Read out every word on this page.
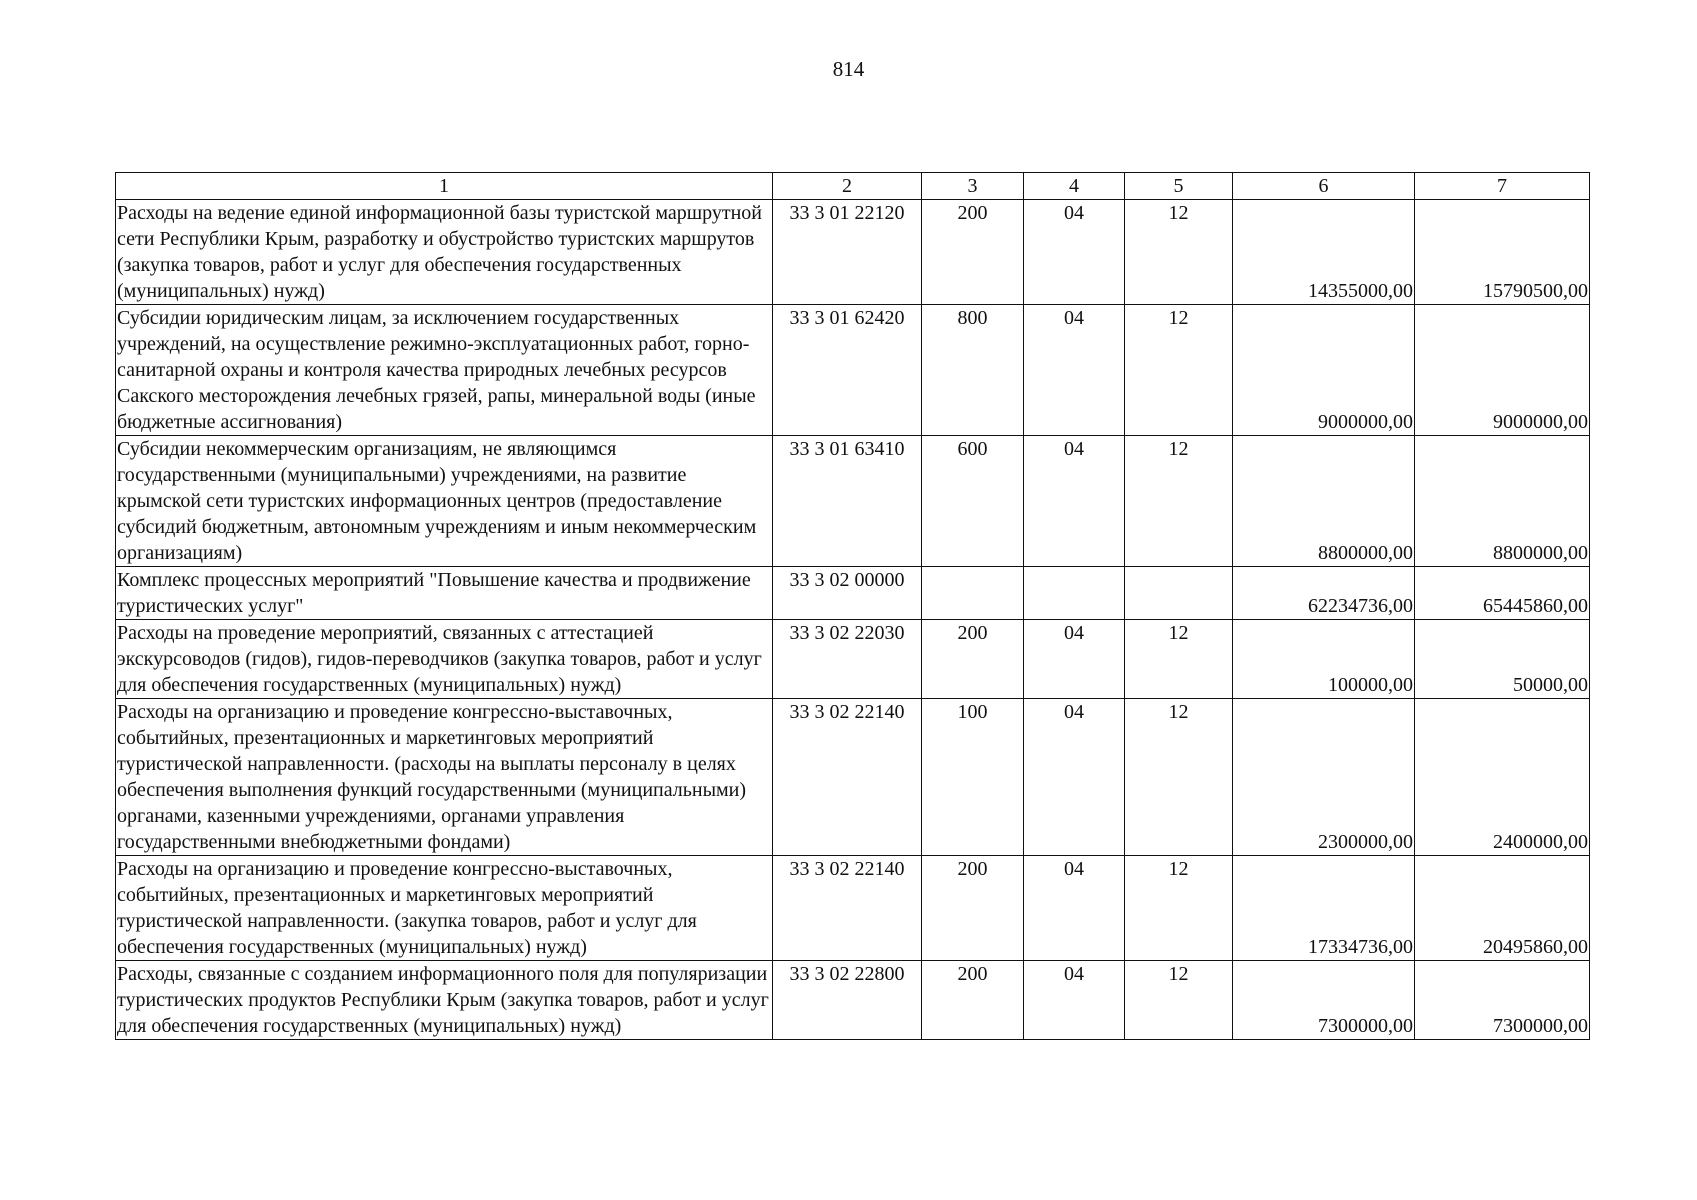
814
1	2	3	4	5	6	7
Расходы на ведение единой информационной базы туристской маршрутной сети Республики Крым, разработку и обустройство туристских маршрутов (закупка товаров, работ и услуг для обеспечения государственных (муниципальных) нужд)	33 3 01 22120	200	04	12	14355000,00	15790500,00
Субсидии юридическим лицам, за исключением государственных учреждений, на осуществление режимно-эксплуатационных работ, горно-санитарной охраны и контроля качества природных лечебных ресурсов Сакского месторождения лечебных грязей, рапы, минеральной воды (иные бюджетные ассигнования)	33 3 01 62420	800	04	12	9000000,00	9000000,00
Субсидии некоммерческим организациям, не являющимся государственными (муниципальными) учреждениями, на развитие крымской сети туристских информационных центров (предоставление субсидий бюджетным, автономным учреждениям и иным некоммерческим организациям)	33 3 01 63410	600	04	12	8800000,00	8800000,00
Комплекс процессных мероприятий "Повышение качества и продвижение туристических услуг"	33 3 02 00000				62234736,00	65445860,00
Расходы на проведение мероприятий, связанных с аттестацией экскурсоводов (гидов), гидов-переводчиков (закупка товаров, работ и услуг для обеспечения государственных (муниципальных) нужд)	33 3 02 22030	200	04	12	100000,00	50000,00
Расходы на организацию и проведение конгрессно-выставочных, событийных, презентационных и маркетинговых мероприятий туристической направленности. (расходы на выплаты персоналу в целях обеспечения выполнения функций государственными (муниципальными) органами, казенными учреждениями, органами управления государственными внебюджетными фондами)	33 3 02 22140	100	04	12	2300000,00	2400000,00
Расходы на организацию и проведение конгрессно-выставочных, событийных, презентационных и маркетинговых мероприятий туристической направленности. (закупка товаров, работ и услуг для обеспечения государственных (муниципальных) нужд)	33 3 02 22140	200	04	12	17334736,00	20495860,00
Расходы, связанные с созданием информационного поля для популяризации туристических продуктов Республики Крым (закупка товаров, работ и услуг для обеспечения государственных (муниципальных) нужд)	33 3 02 22800	200	04	12	7300000,00	7300000,00
